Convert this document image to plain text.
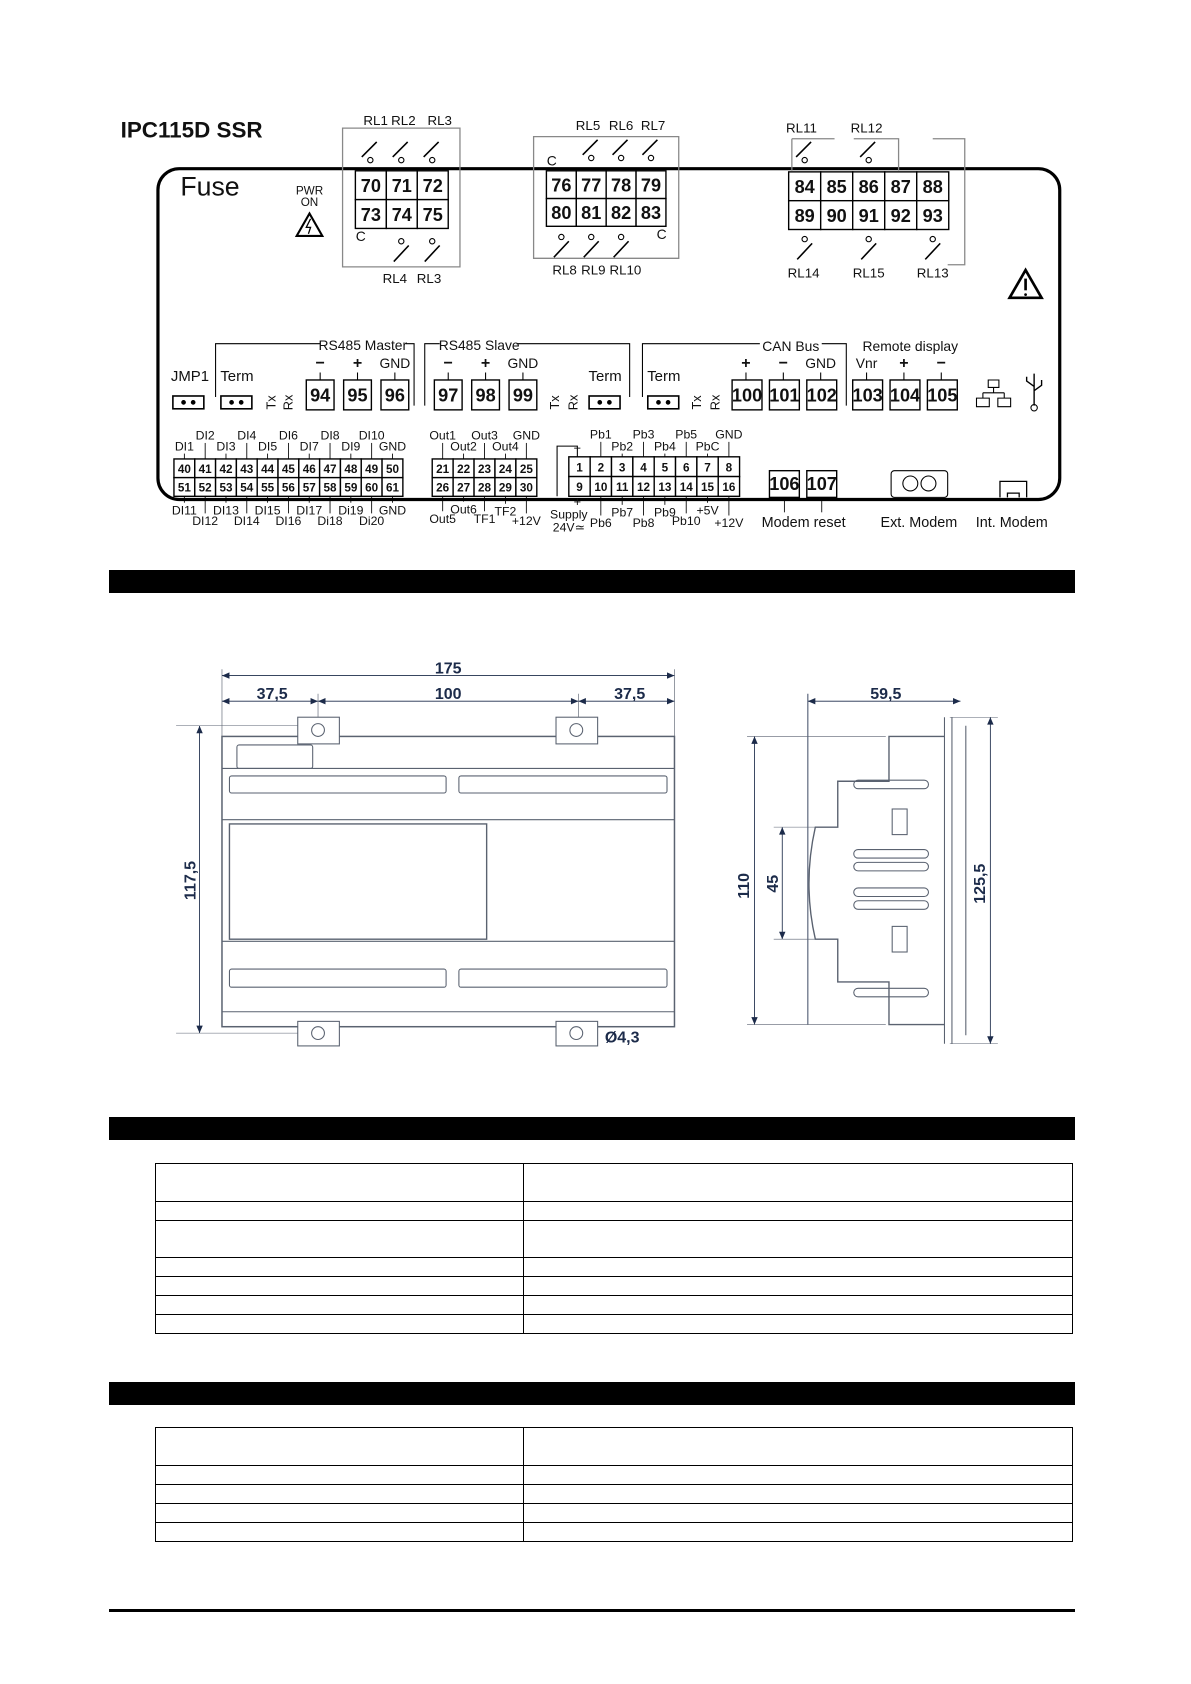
IPC115D SSR
Fuse	PWR
ON
70 71 72
73 74 75
C
RL1 RL2 RL3
RL4 RL3
76 77 78 79
80 81 82 83
C
C
RL5 RL6 RL7
RL8 RL9 RL10
84 85 86 87 88
89 90 91 92 93
RL11	RL12
RL14	RL15	RL13
JMP1 Term	Term Term
Tx Rx	Tx Rx	Tx Rx
RS485 Master RS485 Slave	CAN Bus	Remote display
94 95 96
− + GND
97 98 99
− + GND
100 101 102
+ − GND
103 104 105
Vnr + −
40 41 42 43 44 45 46 47 48 49 50
51 52 53 54 55 56 57 58 59 60 61
DI1
DI2
DI3
DI4
DI5
DI6
DI7
DI8
DI9
DI10
GND
DI11
DI12
DI13
DI14
DI15
DI16
DI17
Di18
Di19
Di20
GND
21 22 23 24 25
26 27 28 29 30
Out1
Out2
Out3
Out4
GND
Out5
Out6
TF1
TF2
+12V
1 2 3 4 5 6 7 8
9 10 11 12 13 14 15 16
−
+
Supply
24V≃
Pb1
Pb2
Pb3
Pb4
Pb5
PbC
GND
Pb6
Pb7
Pb8
Pb9
Pb10
+5V
+12V
106 107
Modem reset	Ext. Modem Int. Modem
175
37,5	100	37,5
117,5
Ø4,3
59,5
110 45	125,5
